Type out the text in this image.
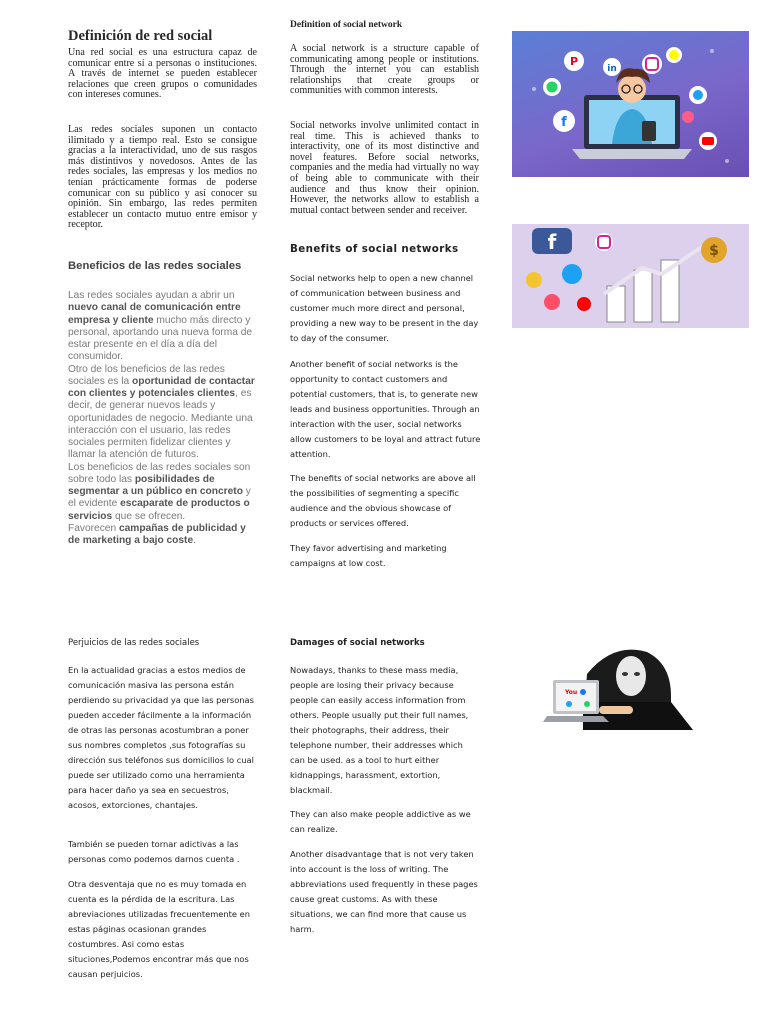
Definición de red social

Una red social es una estructura capaz de comunicar entre sí a personas o instituciones. A través de internet se pueden establecer relaciones que creen grupos o comunidades con intereses comunes.

Las redes sociales suponen un contacto ilimitado y a tiempo real. Esto se consigue gracias a la interactividad, uno de sus rasgos más distintivos y novedosos. Antes de las redes sociales, las empresas y los medios no tenían prácticamente formas de poderse comunicar con su público y así conocer su opinión. Sin embargo, las redes permiten establecer un contacto mutuo entre emisor y receptor.

Beneficios de las redes sociales
Las redes sociales ayudan a abrir un nuevo canal de comunicación entre empresa y cliente mucho más directo y personal, aportando una nueva forma de estar presente en el día a día del consumidor.
Otro de los beneficios de las redes sociales es la oportunidad de contactar con clientes y potenciales clientes, es decir, de generar nuevos leads y oportunidades de negocio. Mediante una interacción con el usuario, las redes sociales permiten fidelizar clientes y llamar la atención de futuros.
Los beneficios de las redes sociales son sobre todo las posibilidades de segmentar a un público en concreto y el evidente escaparate de productos o servicios que se ofrecen.
Favorecen campañas de publicidad y de marketing a bajo coste.
Perjuicios de las redes sociales

En la actualidad gracias a estos medios de comunicación masiva las persona están perdiendo su privacidad ya que las personas pueden acceder fácilmente a la información de otras las personas acostumbran a poner sus nombres completos ,sus fotografías su dirección sus teléfonos sus domicilios lo cual puede ser utilizado como una herramienta para hacer daño ya sea en secuestros, acosos, extorciones, chantajes.

También se pueden tornar adictivas a las personas como podemos darnos cuenta .

Otra desventaja que no es muy tomada en cuenta es la pérdida de la escritura. Las abreviaciones utilizadas frecuentemente en estas páginas ocasionan grandes costumbres. Asi como estas situciones,Podemos encontrar más que nos causan perjuicios.

Definition of social network

A social network is a structure capable of communicating among people or institutions. Through the internet you can establish relationships that create groups or communities with common interests.

Social networks involve unlimited contact in real time. This is achieved thanks to interactivity, one of its most distinctive and novel features. Before social networks, companies and the media had virtually no way of being able to communicate with their audience and thus know their opinion. However, the networks allow to establish a mutual contact between sender and receiver.

Benefits of social networks

Social networks help to open a new channel of communication between business and customer much more direct and personal, providing a new way to be present in the day to day of the consumer.

Another benefit of social networks is the opportunity to contact customers and potential customers, that is, to generate new leads and business opportunities. Through an interaction with the user, social networks allow customers to be loyal and attract future attention.

The benefits of social networks are above all the possibilities of segmenting a specific audience and the obvious showcase of products or services offered.

They favor advertising and marketing campaigns at low cost.

Damages of social networks

Nowadays, thanks to these mass media, people are losing their privacy because people can easily access information from others. People usually put their full names, their photographs, their address, their telephone number, their addresses which can be used. as a tool to hurt either kidnappings, harassment, extortion, blackmail.

They can also make people addictive as we can realize.

Another disadvantage that is not very taken into account is the loss of writing. The abbreviations used frequently in these pages cause great customs. As with these situations, we can find more that cause us harm.

P
in
f
f	$
You
